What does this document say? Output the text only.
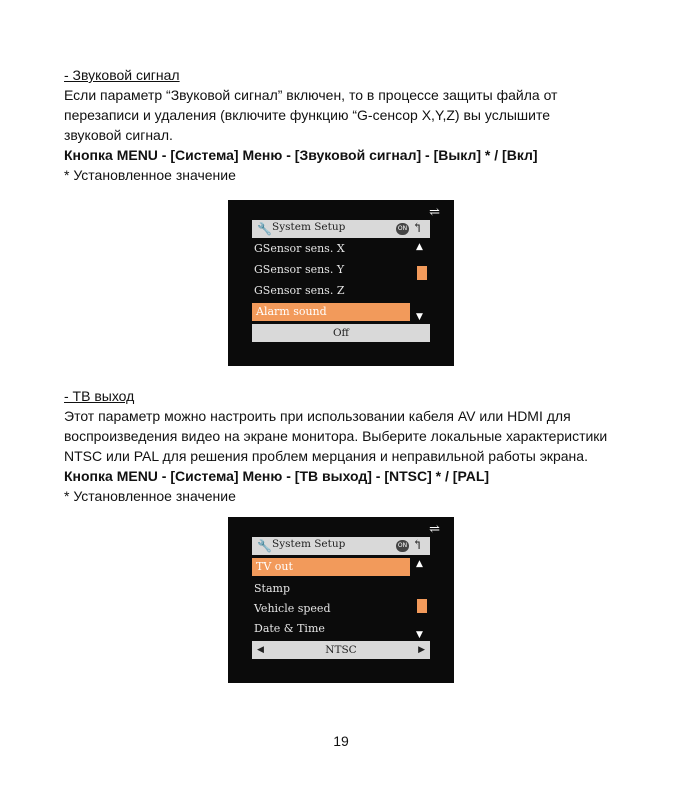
- Звуковой сигнал
Если параметр “Звуковой сигнал” включен, то в процессе защиты файла от
перезаписи и удаления (включите функцию “G-сенсор X,Y,Z) вы услышите
звуковой сигнал.
Кнопка MENU - [Система] Меню - [Звуковой сигнал] - [Выкл] * / [Вкл]
* Установленное значение
⇌
🔧 System Setup	ON ↰
GSensor sens. X
GSensor sens. Y
GSensor sens. Z
Alarm sound
▲
▼
Off
- ТВ выход
Этот параметр можно настроить при использовании кабеля AV или HDMI для
воспроизведения видео на экране монитора. Выберите локальные характеристики
NTSC или PAL для решения проблем мерцания и неправильной работы экрана.
Кнопка MENU - [Система] Меню - [ТВ выход] - [NTSC] * / [PAL]
* Установленное значение
⇌
🔧 System Setup	ON ↰
TV out
Stamp
Vehicle speed
Date & Time
▲
▼
◀	NTSC	▶
19
